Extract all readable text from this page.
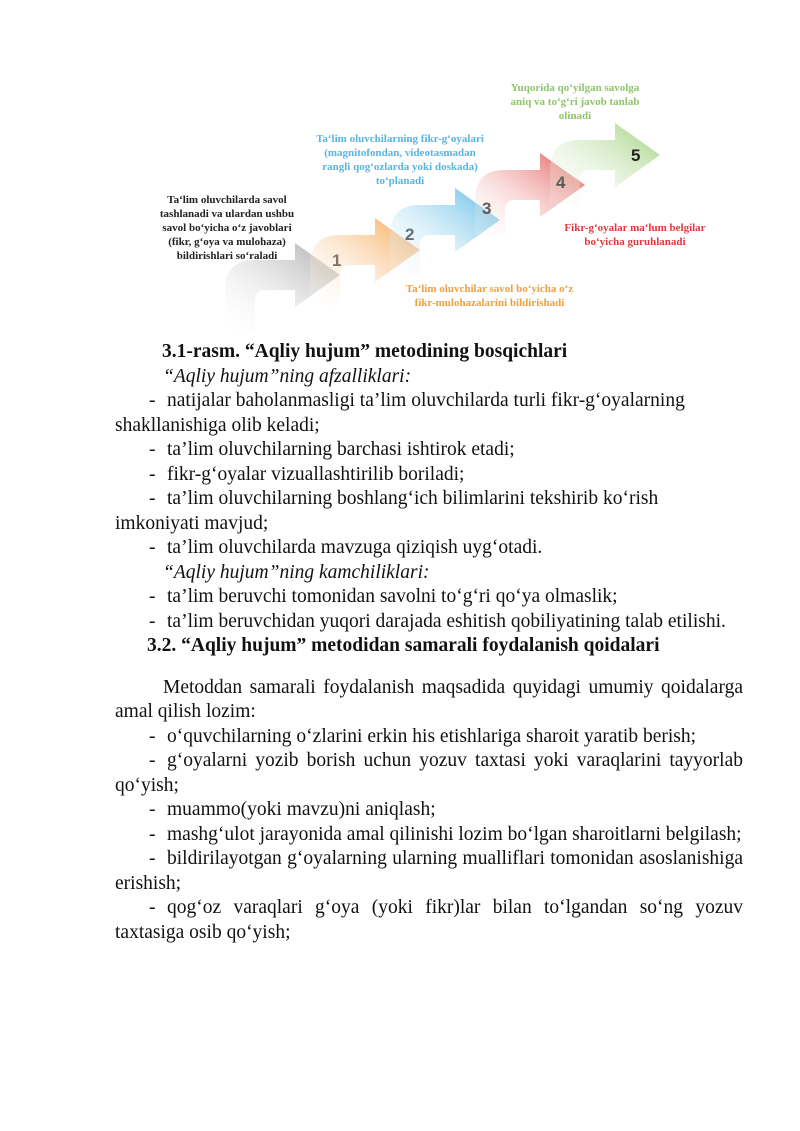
5
Ta‘lim oluvchilarda savol tashlanadi va ulardan ushbu savol bo‘yicha o‘z javoblari (fikr, g‘oya va mulohaza) bildirishlari so‘raladi
Ta‘lim oluvchilar savol bo‘yicha o‘z fikr-mulohazalarini bildirishadi
Ta‘lim oluvchilarning fikr-g‘oyalari (magnitofondan, videotasmadan rangli qog‘ozlarda yoki doskada) to‘planadi
Fikr-g‘oyalar ma‘lum belgilar bo‘yicha guruhlanadi
Yuqorida qo‘yilgan savolga aniq va to‘g‘ri javob tanlab olinadi

3.1-rasm. “Aqliy hujum” metodining bosqichlari

“Aqliy hujum”ning afzalliklari:

- natijalar baholanmasligi ta’lim oluvchilarda turli fikr-g‘oyalarning shakllanishiga olib keladi;

- ta’lim oluvchilarning barchasi ishtirok etadi;

- fikr-g‘oyalar vizuallashtirilib boriladi;

- ta’lim oluvchilarning boshlang‘ich bilimlarini tekshirib ko‘rish imkoniyati mavjud;

- ta’lim oluvchilarda mavzuga qiziqish uyg‘otadi.

“Aqliy hujum”ning kamchiliklari:

- ta’lim beruvchi tomonidan savolni to‘g‘ri qo‘ya olmaslik;

- ta’lim beruvchidan yuqori darajada eshitish qobiliyatining talab etilishi.

3.2. “Aqliy hujum” metodidan samarali foydalanish qoidalari

Metoddan samarali foydalanish maqsadida quyidagi umumiy qoidalarga amal qilish lozim:

- o‘quvchilarning o‘zlarini erkin his etishlariga sharoit yaratib berish;

- g‘oyalarni yozib borish uchun yozuv taxtasi yoki varaqlarini tayyorlab qo‘yish;

- muammo(yoki mavzu)ni aniqlash;

- mashg‘ulot jarayonida amal qilinishi lozim bo‘lgan sharoitlarni belgilash;

- bildirilayotgan g‘oyalarning ularning mualliflari tomonidan asoslanishiga erishish;

- qog‘oz varaqlari g‘oya (yoki fikr)lar bilan to‘lgandan so‘ng yozuv taxtasiga osib qo‘yish;
